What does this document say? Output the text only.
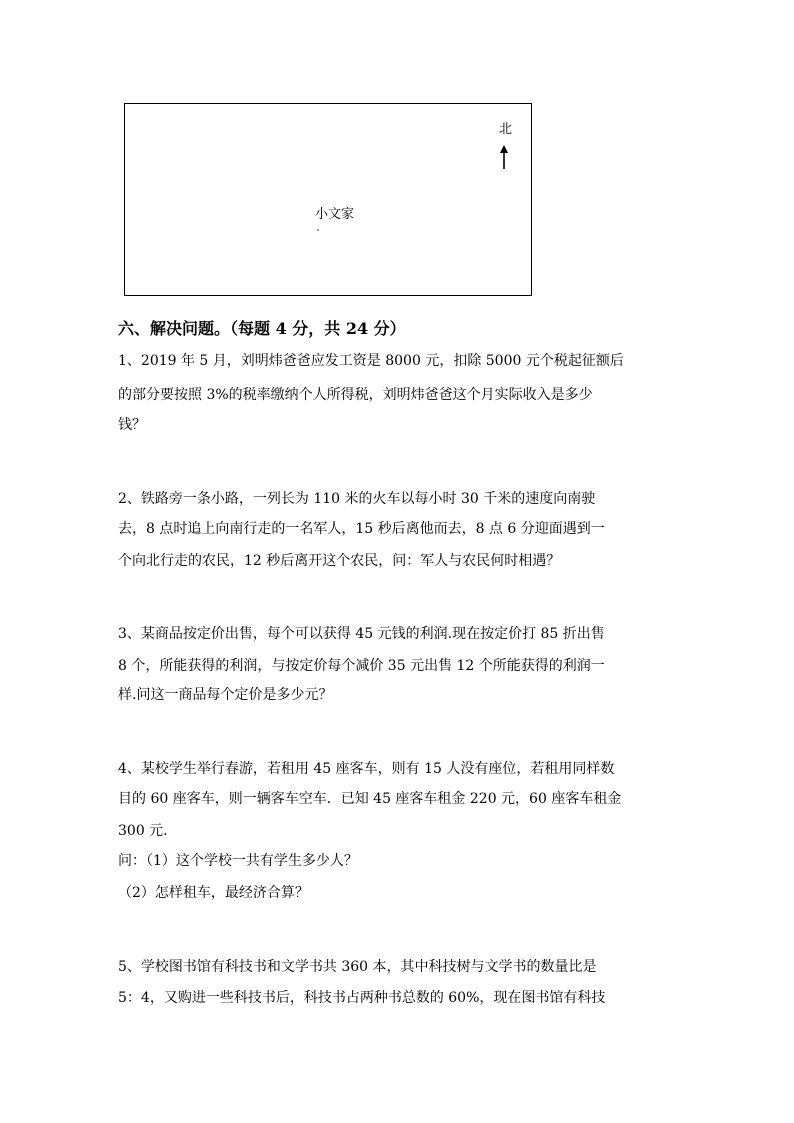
北
小文家
六、解决问题。（每题 4 分，共 24 分）
1、2019 年 5 月，刘明炜爸爸应发工资是 8000 元，扣除 5000 元个税起征额后
的部分要按照 3%的税率缴纳个人所得税，刘明炜爸爸这个月实际收入是多少
钱？
2、铁路旁一条小路，一列长为 110 米的火车以每小时 30 千米的速度向南驶
去，8 点时追上向南行走的一名军人，15 秒后离他而去，8 点 6 分迎面遇到一
个向北行走的农民，12 秒后离开这个农民，问：军人与农民何时相遇？
3、某商品按定价出售，每个可以获得 45 元钱的利润.现在按定价打 85 折出售
8 个，所能获得的利润，与按定价每个减价 35 元出售 12 个所能获得的利润一
样.问这一商品每个定价是多少元？
4、某校学生举行春游，若租用 45 座客车，则有 15 人没有座位，若租用同样数
目的 60 座客车，则一辆客车空车．已知 45 座客车租金 220 元，60 座客车租金
300 元.
问：（1）这个学校一共有学生多少人？
（2）怎样租车，最经济合算？
5、学校图书馆有科技书和文学书共 360 本，其中科技树与文学书的数量比是
5：4，又购进一些科技书后，科技书占两种书总数的 60%，现在图书馆有科技
